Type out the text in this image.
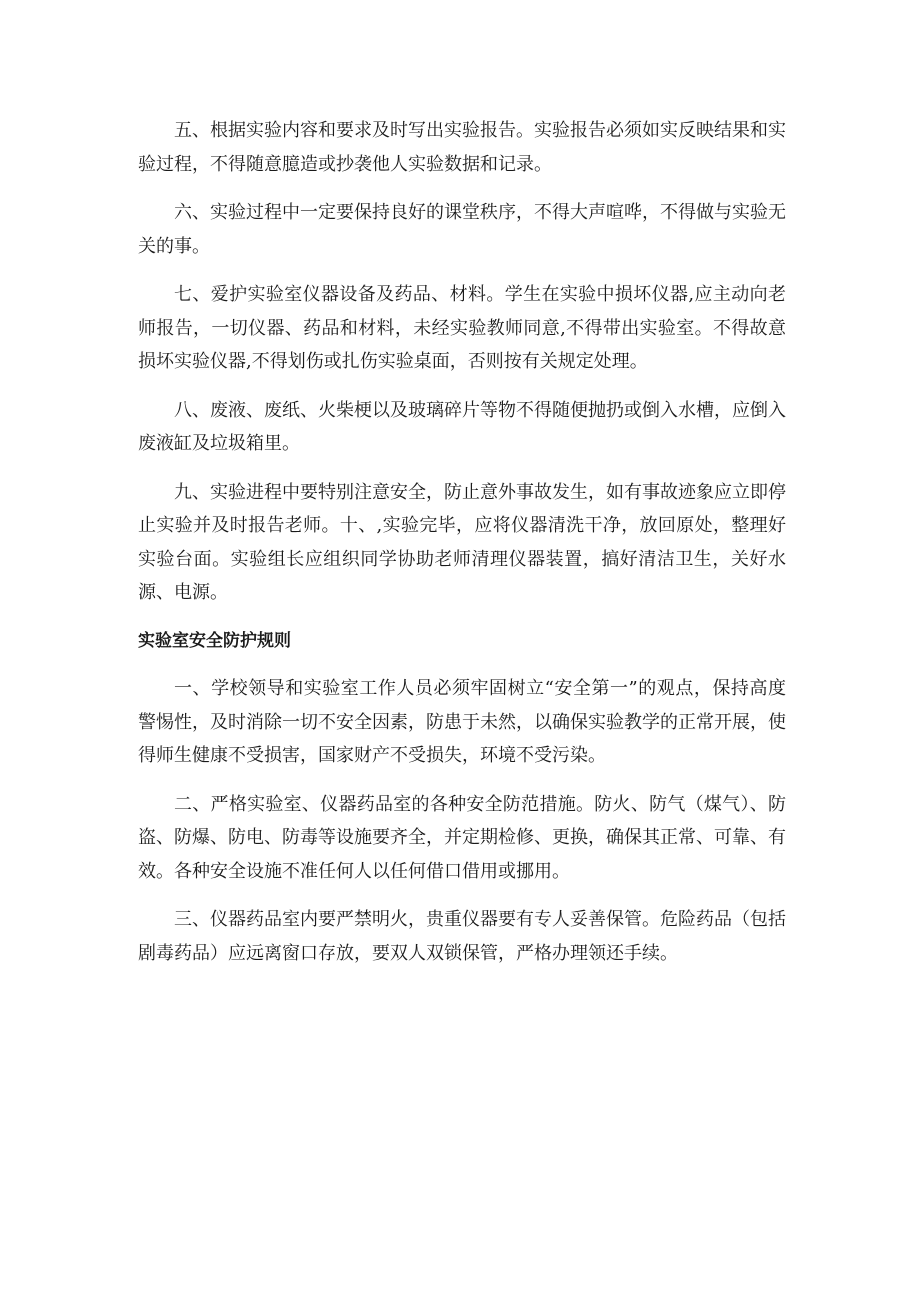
五、根据实验内容和要求及时写出实验报告。实验报告必须如实反映结果和实验过程，不得随意臆造或抄袭他人实验数据和记录。

六、实验过程中一定要保持良好的课堂秩序，不得大声喧哗，不得做与实验无关的事。

七、爱护实验室仪器设备及药品、材料。学生在实验中损坏仪器,应主动向老师报告，一切仪器、药品和材料，未经实验教师同意,不得带出实验室。不得故意损坏实验仪器,不得划伤或扎伤实验桌面，否则按有关规定处理。

八、废液、废纸、火柴梗以及玻璃碎片等物不得随便抛扔或倒入水槽，应倒入废液缸及垃圾箱里。

九、实验进程中要特别注意安全，防止意外事故发生，如有事故迹象应立即停止实验并及时报告老师。十、,实验完毕，应将仪器清洗干净，放回原处，整理好实验台面。实验组长应组织同学协助老师清理仪器装置，搞好清洁卫生，关好水源、电源。

实验室安全防护规则

一、学校领导和实验室工作人员必须牢固树立“安全第一”的观点，保持高度警惕性，及时消除一切不安全因素，防患于未然，以确保实验教学的正常开展，使得师生健康不受损害，国家财产不受损失，环境不受污染。

二、严格实验室、仪器药品室的各种安全防范措施。防火、防气（煤气）、防盗、防爆、防电、防毒等设施要齐全，并定期检修、更换，确保其正常、可靠、有效。各种安全设施不准任何人以任何借口借用或挪用。

三、仪器药品室内要严禁明火，贵重仪器要有专人妥善保管。危险药品（包括剧毒药品）应远离窗口存放，要双人双锁保管，严格办理领还手续。
